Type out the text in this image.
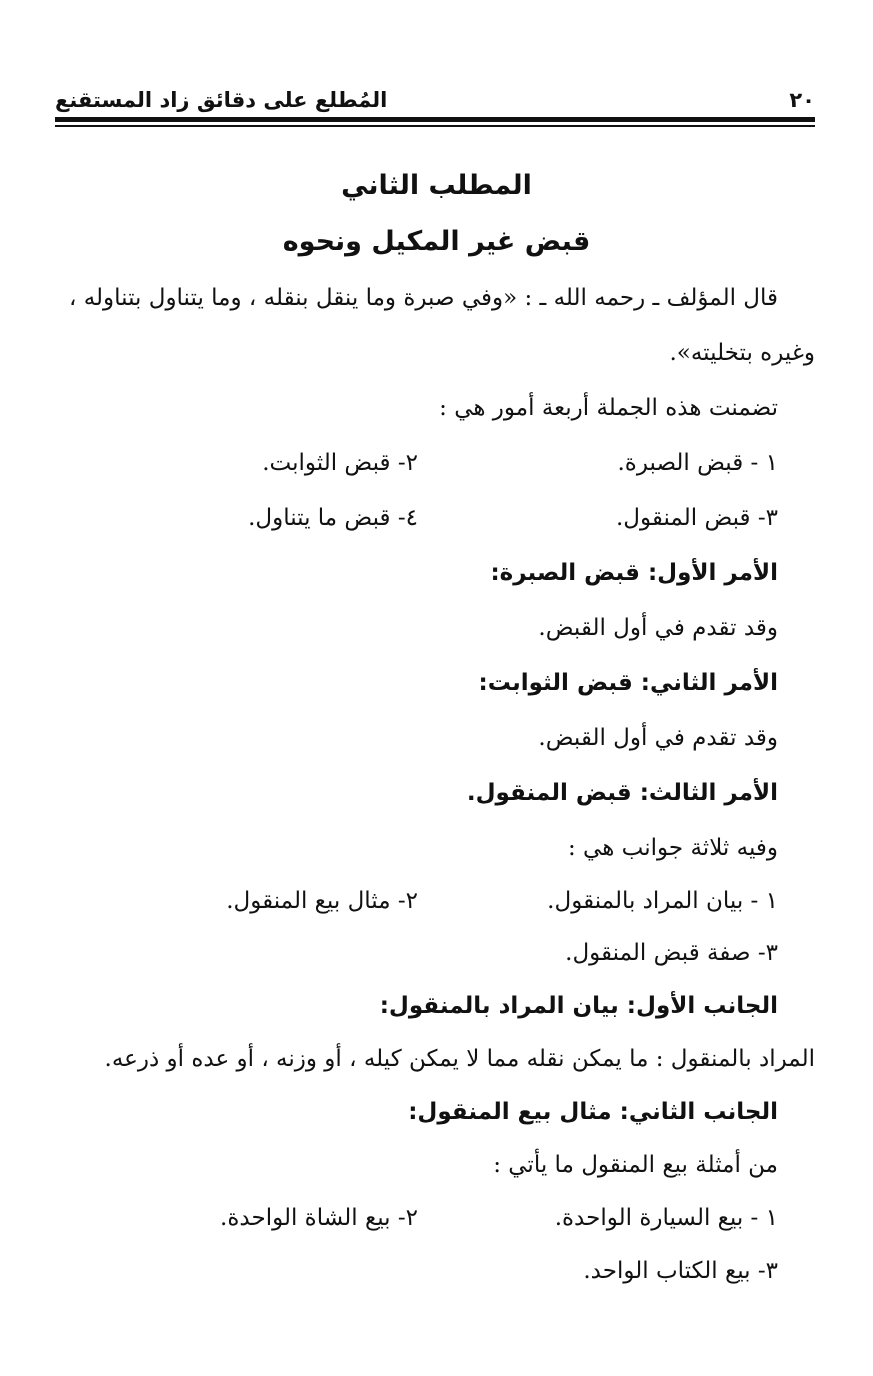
٢٠
المُطلع على دقائق زاد المستقنع
المطلب الثاني
قبض غير المكيل ونحوه
قال المؤلف ـ رحمه الله ـ : «وفي صبرة وما ينقل بنقله ، وما يتناول بتناوله ،
وغيره بتخليته».
تضمنت هذه الجملة أربعة أمور هي :
١ - قبض الصبرة.
٢- قبض الثوابت.
٣- قبض المنقول.
٤- قبض ما يتناول.
الأمر الأول: قبض الصبرة:
وقد تقدم في أول القبض.
الأمر الثاني: قبض الثوابت:
وقد تقدم في أول القبض.
الأمر الثالث: قبض المنقول.
وفيه ثلاثة جوانب هي :
١ - بيان المراد بالمنقول.
٢- مثال بيع المنقول.
٣- صفة قبض المنقول.
الجانب الأول: بيان المراد بالمنقول:
المراد بالمنقول : ما يمكن نقله مما لا يمكن كيله ، أو وزنه ، أو عده أو ذرعه.
الجانب الثاني: مثال بيع المنقول:
من أمثلة بيع المنقول ما يأتي :
١ - بيع السيارة الواحدة.
٢- بيع الشاة الواحدة.
٣- بيع الكتاب الواحد.
